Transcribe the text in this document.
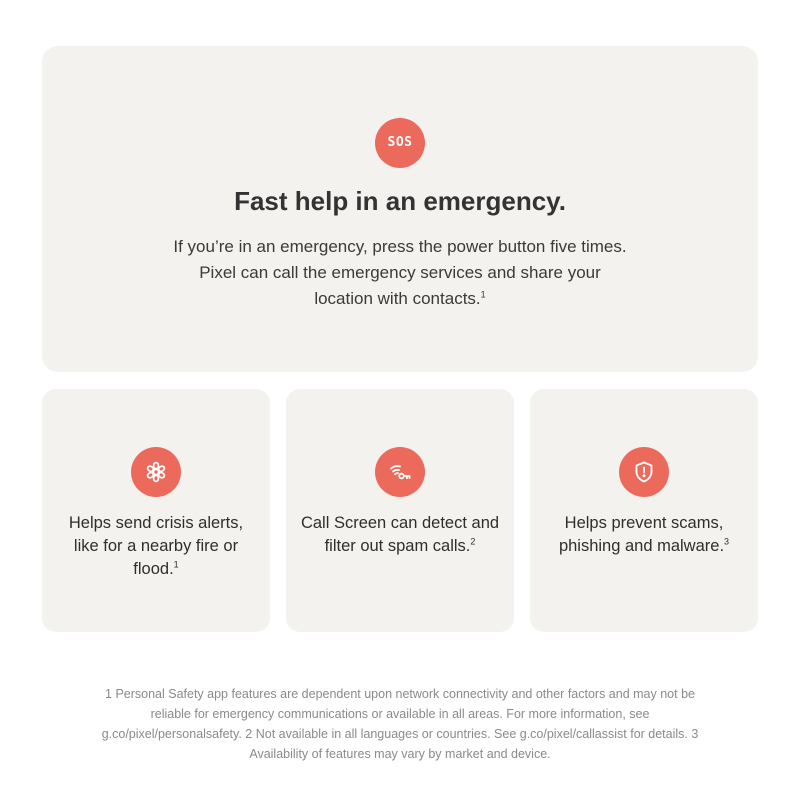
SOS
Fast help in an emergency.

If you’re in an emergency, press the power button five times. Pixel can call the emergency services and share your location with contacts.$^1$

Helps send crisis alerts, like for a nearby fire or flood.$^1$

Call Screen can detect and filter out spam calls.$^2$

Helps prevent scams, phishing and malware.$^3$

1 Personal Safety app features are dependent upon network connectivity and other factors and may not be reliable for emergency communications or available in all areas. For more information, see g.co/pixel/personalsafety. 2 Not available in all languages or countries. See g.co/pixel/callassist for details. 3 Availability of features may vary by market and device.
